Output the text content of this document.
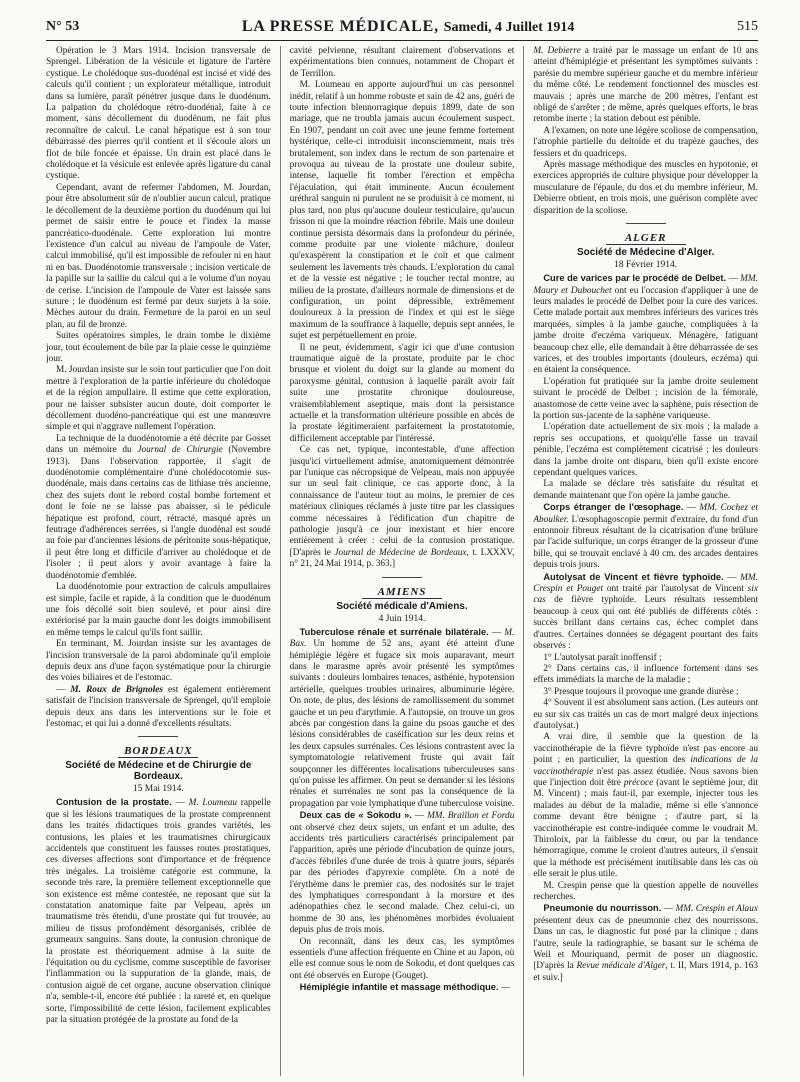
N° 53	LA PRESSE MÉDICALE, Samedi, 4 Juillet 1914	515

Opération le 3 Mars 1914. Incision transversale de Sprengel. Libération de la vésicule et ligature de l'artère cystique. Le cholédoque sus-duodénal est incisé et vidé des calculs qu'il contient ; un explorateur métallique, introduit dans sa lumière, paraît pénétrer jusque dans le duodénum. La palpation du cholédoque rétro-duodénal, faite à ce moment, sans décollement du duodénum, ne fait plus reconnaître de calcul. Le canal hépatique est à son tour débarrassé des pierres qu'il contient et il s'écoule alors un flot de bile foncée et épaisse. Un drain est placé dans le cholédoque et la vésicule est enlevée après ligature du canal cystique.

Cependant, avant de refermer l'abdomen, M. Jourdan, pour être absolument sûr de n'oublier aucun calcul, pratique le décollement de la deuxième portion du duodénum qui lui permet de saisir entre le pouce et l'index la masse pancréatico-duodénale. Cette exploration lui montre l'existence d'un calcul au niveau de l'ampoule de Vater, calcul immobilisé, qu'il est impossible de refouler ni en haut ni en bas. Duodénotomie transversale ; incision verticale de la papille sur la saillie du calcul qui a le volume d'un noyau de cerise. L'incision de l'ampoule de Vater est laissée sans suture ; le duodénum est fermé par deux surjets à la soie. Mèches autour du drain. Fermeture de la paroi en un seul plan, au fil de bronze.

Suites opératoires simples, le drain tombe le dixième jour, tout écoulement de bile par la plaie cesse le quinzième jour.

M. Jourdan insiste sur le soin tout particulier que l'on doit mettre à l'exploration de la partie inférieure du cholédoque et de la région ampullaire. Il estime que cette exploration, pour ne laisser subsister aucun doute, doit comporter le décollement duodéno-pancréatique qui est une manœuvre simple et qui n'aggrave nullement l'opération.

La technique de la duodénotomie a été décrite par Gosset dans un mémoire du Journal de Chirurgie (Novembre 1913). Dans l'observation rapportée, il s'agit de duodénotomie complémentaire d'une cholédocotomie sus-duodénale, mais dans certains cas de lithiase très ancienne, chez des sujets dont le rebord costal bombe fortement et dont le foie ne se laisse pas abaisser, si le pédicule hépatique est profond, court, rétracté, masqué après un feutrage d'adhérences serrées, si l'angle duodénal est soudé au foie par d'anciennes lésions de péritonite sous-hépatique, il peut être long et difficile d'arriver au cholédoque et de l'isoler ; il peut alors y avoir avantage à faire la duodénotomie d'emblée.

La duodénotomie pour extraction de calculs ampullaires est simple, facile et rapide, à la condition que le duodénum une fois décollé soit bien soulevé, et pour ainsi dire extériorisé par la main gauche dont les doigts immobilisent en même temps le calcul qu'ils font saillir.

En terminant, M. Jourdan insiste sur les avantages de l'incision transversale de la paroi abdominale qu'il emploie depuis deux ans d'une façon systématique pour la chirurgie des voies biliaires et de l'estomac.

— M. Roux de Brignoles est également entièrement satisfait de l'incision transversale de Sprengel, qu'il emploie depuis deux ans dans les interventions sur le foie et l'estomac, et qui lui a donné d'excellents résultats.

BORDEAUX
Société de Médecine et de Chirurgie de Bordeaux.
15 Mai 1914.

Contusion de la prostate. — M. Loumeau rappelle que si les lésions traumatiques de la prostate comprennent dans les traités didactiques trois grandes variétés, les contusions, les plaies et les traumatismes chirurgicaux accidentels que constituent les fausses routes prostatiques, ces diverses affections sont d'importance et de fréquence très inégales. La troisième catégorie est commune, la seconde très rare, la première tellement exceptionnelle que son existence est même contestée, ne reposant que sur la constatation anatomique faite par Velpeau, après un traumatisme très étendu, d'une prostate qui fut trouvée, au milieu de tissus profondément désorganisés, criblée de grumeaux sanguins. Sans doute, la contusion chronique de la prostate est théoriquement admise à la suite de l'équitation ou du cyclisme, comme susceptible de favoriser l'inflammation ou la suppuration de la glande, mais, de contusion aiguë de cet organe, aucune observation clinique n'a, semble-t-il, encore été publiée : la rareté et, en quelque sorte, l'impossibilité de cette lésion, facilement explicables par la situation protégée de la prostate au fond de la

cavité pelvienne, résultant clairement d'observations et expérimentations bien connues, notamment de Chopart et de Terrillon.

M. Loumeau en apporte aujourd'hui un cas personnel inédit, relatif à un homme robuste et sain de 42 ans, guéri de toute infection blennorragique depuis 1899, date de son mariage, que ne troubla jamais aucun écoulement suspect. En 1907, pendant un coït avec une jeune femme fortement hystérique, celle-ci introduisit inconsciemment, mais très brutalement, son index dans le rectum de son partenaire et provoqua au niveau de la prostate une douleur subite, intense, laquelle fit tomber l'érection et empêcha l'éjaculation, qui était imminente. Aucun écoulement uréthral sanguin ni purulent ne se produisit à ce moment, ni plus tard, non plus qu'aucune douleur testiculaire, qu'aucun frisson ni que la moindre réaction fébrile. Mais une douleur continue persista désormais dans la profondeur du périnée, comme produite par une violente mâchure, douleur qu'exaspèrent la constipation et le coït et que calment seulement les lavements très chauds. L'exploration du canal et de la vessie est négative ; le toucher rectal montre, au milieu de la prostate, d'ailleurs normale de dimensions et de configuration, un point dépressible, extrêmement douloureux à la pression de l'index et qui est le siège maximum de la souffrance à laquelle, depuis sept années, le sujet est perpétuellement en proie.

Il ne peut, évidemment, s'agir ici que d'une contusion traumatique aiguë de la prostate, produite par le choc brusque et violent du doigt sur la glande au moment du paroxysme génital, contusion à laquelle paraît avoir fait suite une prostatite chronique douloureuse, vraisemblablement aseptique, mais dont la persistance actuelle et la transformation ultérieure possible en abcès de la prostate légitimeraient parfaitement la prostatotomie, difficilement acceptable par l'intéressé.

Ce cas net, typique, incontestable, d'une affection jusqu'ici virtuellement admise, anatomiquement démontrée par l'unique cas nécropsique de Velpeau, mais non appuyée sur un seul fait clinique, ce cas apporte donc, à la connaissance de l'auteur tout au moins, le premier de ces matériaux cliniques réclamés à juste titre par les classiques comme nécessaires à l'édification d'un chapitre de pathologie jusqu'à ce jour inexistant et hier encore entièrement à créer : celui de la contusion prostatique. [D'après le Journal de Médecine de Bordeaux, t. LXXXV, n° 21, 24 Mai 1914, p. 363.]

AMIENS
Société médicale d'Amiens.
4 Juin 1914.

Tuberculose rénale et surrénale bilatérale. — M. Bax. Un homme de 52 ans, ayant été atteint d'une hémiplégie légère et fugace six mois auparavant, meurt dans le marasme après avoir présenté les symptômes suivants : douleurs lombaires tenaces, asthénie, hypotension artérielle, quelques troubles urinaires, albuminurie légère. On note, de plus, des lésions de ramollissement du sommet gauche et un peu d'arythmie. A l'autopsie, on trouve un gros abcès par congestion dans la gaine du psoas gauche et des lésions considérables de caséification sur les deux reins et les deux capsules surrénales. Ces lésions contrastent avec la symptomatologie relativement fruste qui avait fait soupçonner les différentes localisations tuberculeuses sans qu'on puisse les affirmer. On peut se demander si les lésions rénales et surrénales ne sont pas la conséquence de la propagation par voie lymphatique d'une tuberculose voisine.

Deux cas de « Sokodu ». — MM. Braillon et Fordu ont observé chez deux sujets, un enfant et un adulte, des accidents très particuliers caractérisés principalement par l'apparition, après une période d'incubation de quinze jours, d'accès fébriles d'une durée de trois à quatre jours, séparés par des périodes d'apyrexie complète. On a noté de l'érythème dans le premier cas, des nodosités sur le trajet des lymphatiques correspondant à la morsure et des adénopathies chez le second malade. Chez celui-ci, un homme de 30 ans, les phénomènes morbides évoluaient depuis plus de trois mois.

On reconnaît, dans les deux cas, les symptômes essentiels d'une affection fréquente en Chine et au Japon, où elle est connue sous le nom de Sokodu, et dont quelques cas ont été observés en Europe (Gouget).

Hémiplégie infantile et massage méthodique. —

M. Debierre a traité par le massage un enfant de 10 ans atteint d'hémiplégie et présentant les symptômes suivants : parésie du membre supérieur gauche et du membre inférieur du même côté. Le rendement fonctionnel des muscles est mauvais ; après une marche de 200 mètres, l'enfant est obligé de s'arrêter ; de même, après quelques efforts, le bras retombe inerte ; la station debout est pénible.

A l'examen, on note une légère scoliose de compensation, l'atrophie partielle du deltoïde et du trapèze gauches, des fessiers et du quadriceps.

Après massage méthodique des muscles en hypotonie, et exercices appropriés de culture physique pour développer la musculature de l'épaule, du dos et du membre inférieur, M. Debierre obtient, en trois mois, une guérison complète avec disparition de la scoliose.

ALGER
Société de Médecine d'Alger.
18 Février 1914.

Cure de varices par le procédé de Delbet. — MM. Maury et Dubouchet ont eu l'occasion d'appliquer à une de leurs malades le procédé de Delbet pour la cure des varices. Cette malade portait aux membres inférieurs des varices très marquées, simples à la jambe gauche, compliquées à la jambe droite d'eczéma variqueux. Ménagère, fatiguant beaucoup chez elle, elle demandait à être débarrassée de ses varices, et des troubles importants (douleurs, eczéma) qui en étaient la conséquence.

L'opération fut pratiquée sur la jambe droite seulement suivant le procédé de Delbet ; incision de la fémorale, anastomose de cette veine avec la saphène, puis résection de la portion sus-jacente de la saphène variqueuse.

L'opération date actuellement de six mois ; la malade a repris ses occupations, et quoiqu'elle fasse un travail pénible, l'eczéma est complètement cicatrisé ; les douleurs dans la jambe droite ont disparu, bien qu'il existe encore cependant quelques varices.

La malade se déclare très satisfaite du résultat et demande maintenant que l'on opère la jambe gauche.

Corps étranger de l'œsophage. — MM. Cochez et Aboulker. L'œsophagoscopie permit d'extraire, du fond d'un entonnoir fibreux résultant de la cicatrisation d'une brûlure par l'acide sulfurique, un corps étranger de la grosseur d'une bille, qui se trouvait enclavé à 40 cm. des arcades dentaires depuis trois jours.

Autolysat de Vincent et fièvre typhoïde. — MM. Crespin et Pouget ont traité par l'autolysat de Vincent six cas de fièvre typhoïde. Leurs résultats ressemblent beaucoup à ceux qui ont été publiés de différents côtés : succès brillant dans certains cas, échec complet dans d'autres. Certaines données se dégagent pourtant des faits observés :

1° L'autolysat paraît inoffensif ;

2° Dans certains cas, il influence fortement dans ses effets immédiats la marche de la maladie ;

3° Presque toujours il provoque une grande diurèse ;

4° Souvent il est absolument sans action. (Les auteurs ont eu sur six cas traités un cas de mort malgré deux injections d'autolysat.)

A vrai dire, il semble que la question de la vaccinothérapie de la fièvre typhoïde n'est pas encore au point ; en particulier, la question des indications de la vaccinothérapie n'est pas assez étudiée. Nous savons bien que l'injection doit être précoce (avant le septième jour, dit M. Vincent) ; mais faut-il, par exemple, injecter tous les malades au début de la maladie, même si elle s'annonce comme devant être bénigne ; d'autre part, si la vaccinothérapie est contre-indiquée comme le voudrait M. Thiroloix, par la faiblesse du cœur, ou par la tendance hémorragique, comme le croient d'autres auteurs, il s'ensuit que la méthode est précisément inutilisable dans les cas où elle serait le plus utile.

M. Crespin pense que la question appelle de nouvelles recherches.

Pneumonie du nourrisson. — MM. Crespin et Alaux présentent deux cas de pneumonie chez des nourrissons. Dans un cas, le diagnostic fut posé par la clinique ; dans l'autre, seule la radiographie, se basant sur le schéma de Weil et Mouriquand, permit de poser un diagnostic. [D'après la Revue médicale d'Alger, t. II, Mars 1914, p. 163 et suiv.]
